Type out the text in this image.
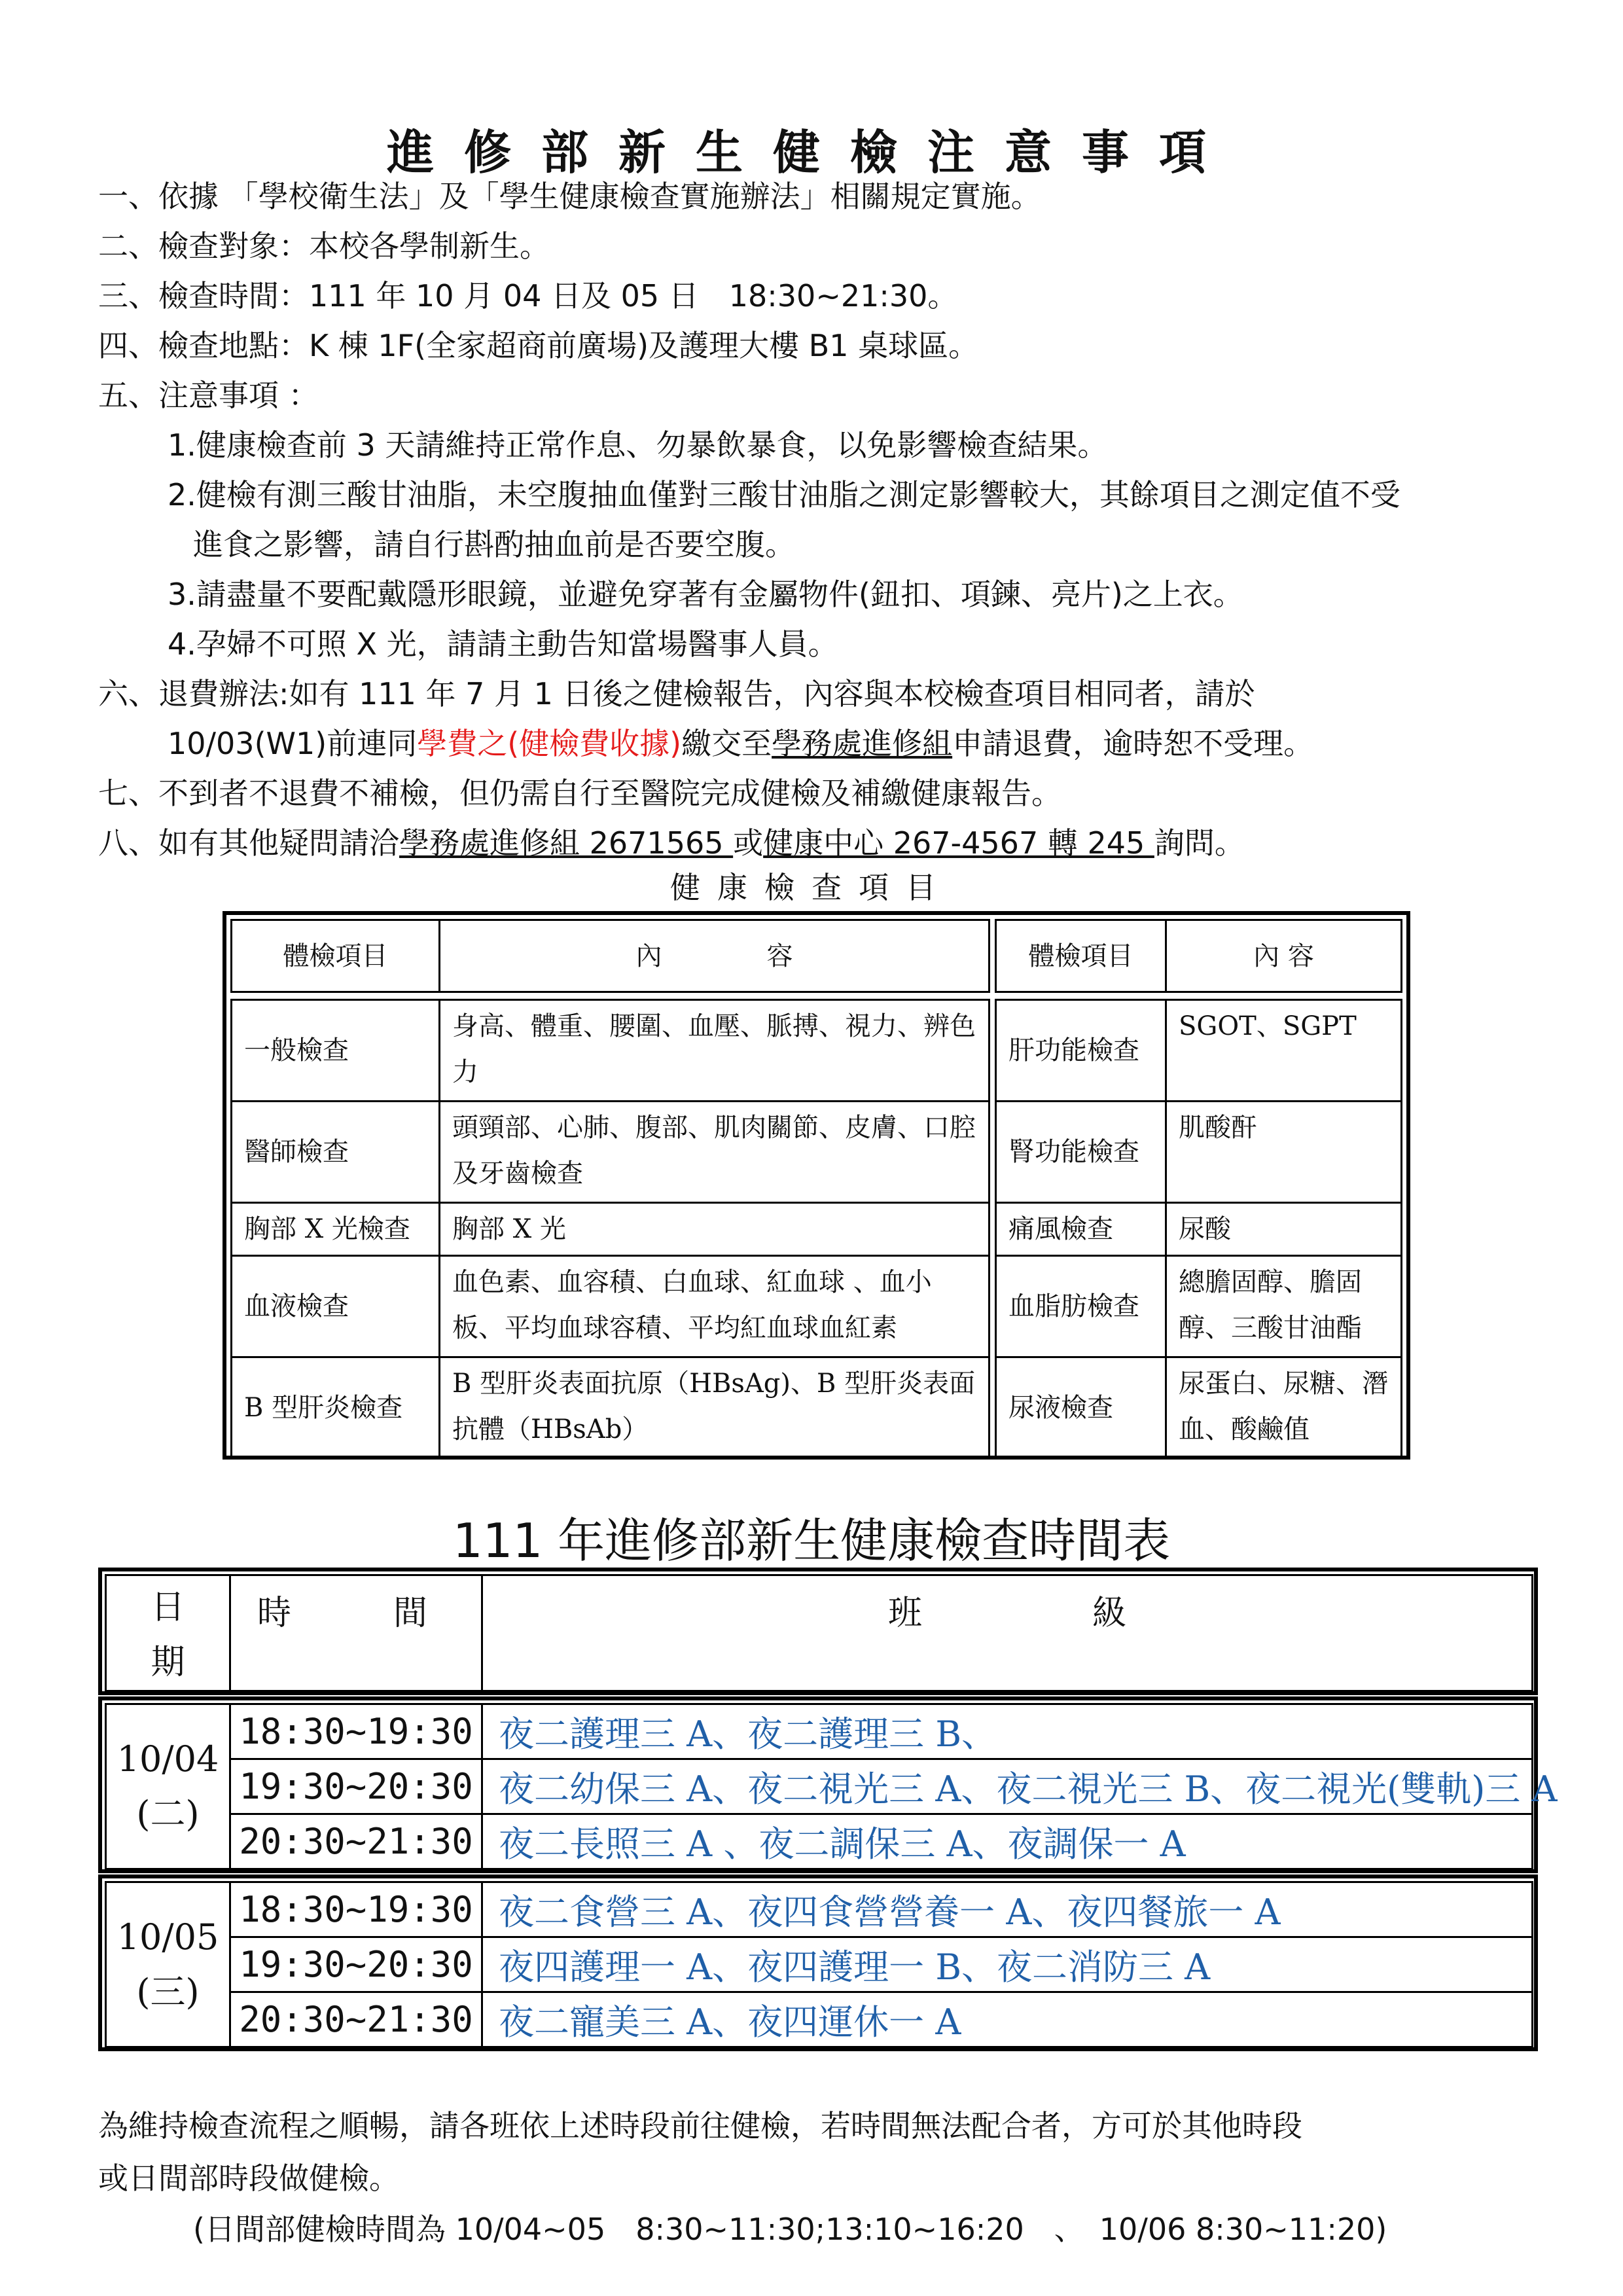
進修部新生健檢注意事項
一、依據 「學校衛生法」及「學生健康檢查實施辦法」相關規定實施。
二、檢查對象：本校各學制新生。
三、檢查時間：111 年 10 月 04 日及 05 日　18:30~21:30。
四、檢查地點：K 棟 1F(全家超商前廣場)及護理大樓 B1 桌球區。
五、注意事項 ：
1.健康檢查前 3 天請維持正常作息、勿暴飲暴食，以免影響檢查結果。
2.健檢有測三酸甘油脂，未空腹抽血僅對三酸甘油脂之測定影響較大，其餘項目之測定值不受
進食之影響，請自行斟酌抽血前是否要空腹。
3.請盡量不要配戴隱形眼鏡，並避免穿著有金屬物件(鈕扣、項鍊、亮片)之上衣。
4.孕婦不可照 X 光，請請主動告知當場醫事人員。
六、退費辦法:如有 111 年 7 月 1 日後之健檢報告，內容與本校檢查項目相同者，請於
10/03(W1)前連同學費之(健檢費收據)繳交至學務處進修組申請退費，逾時恕不受理。
七、不到者不退費不補檢，但仍需自行至醫院完成健檢及補繳健康報告。
八、如有其他疑問請洽學務處進修組 2671565 或健康中心 267-4567 轉 245 詢問。
健康檢查項目
體檢項目	內　　　　容

一般檢查	身高、體重、腰圍、血壓、脈搏、視力、辨色力
醫師檢查	頭頸部、心肺、腹部、肌肉關節、皮膚、口腔及牙齒檢查
胸部 X 光檢查	胸部 X 光
血液檢查	血色素、血容積、白血球、紅血球 、血小板、平均血球容積、平均紅血球血紅素
B 型肝炎檢查	B 型肝炎表面抗原（HBsAg)、B 型肝炎表面抗體（HBsAb）
體檢項目	內 容

肝功能檢查	SGOT、SGPT
腎功能檢查	肌酸酐
痛風檢查	尿酸
血脂肪檢查	總膽固醇、膽固醇、三酸甘油酯
尿液檢查	尿蛋白、尿糖、潛血、酸鹼值
111 年進修部新生健康檢查時間表
日期	時　　　間	班　　　　　級
10/04
(二)	18:30~19:30	夜二護理三 A、夜二護理三 B、
	19:30~20:30	夜二幼保三 A、夜二視光三 A、夜二視光三 B、夜二視光(雙軌)三 A
	20:30~21:30	夜二長照三 A 、夜二調保三 A、夜調保一 A
10/05
(三)	18:30~19:30	夜二食營三 A、夜四食營營養一 A、夜四餐旅一 A
	19:30~20:30	夜四護理一 A、夜四護理一 B、夜二消防三 A
	20:30~21:30	夜二寵美三 A、夜四運休一 A
為維持檢查流程之順暢，請各班依上述時段前往健檢，若時間無法配合者，方可於其他時段
或日間部時段做健檢。
(日間部健檢時間為 10/04~05　8:30~11:30;13:10~16:20　、　10/06 8:30~11:20)
